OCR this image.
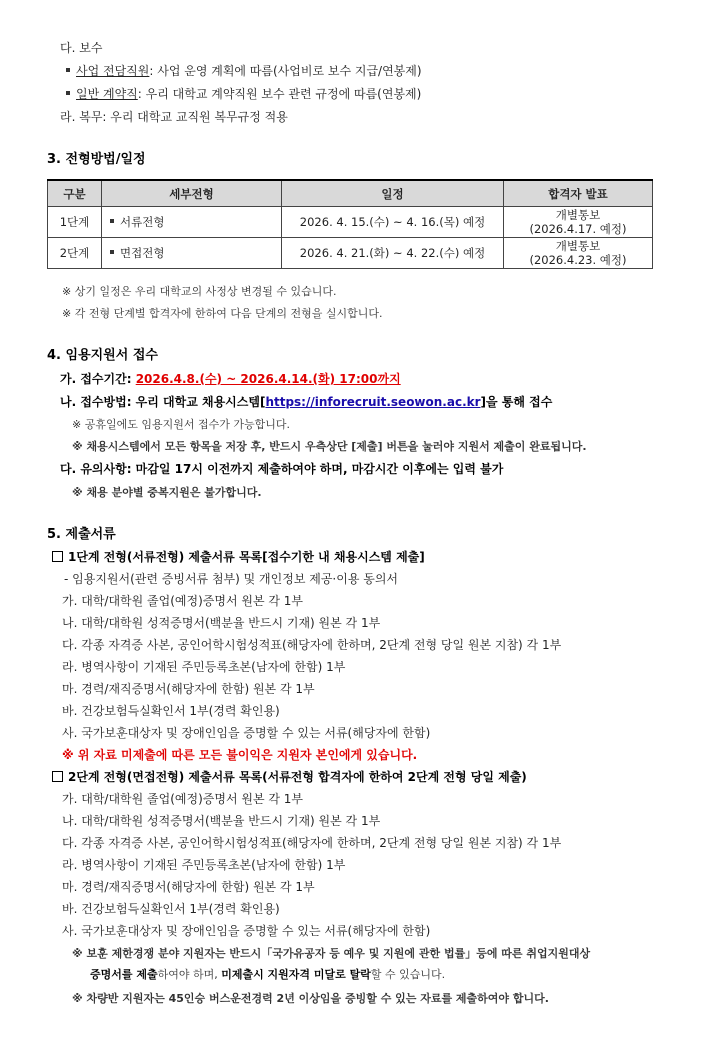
다. 보수
사업 전담직원: 사업 운영 계획에 따름(사업비로 보수 지급/연봉제)
일반 계약직: 우리 대학교 계약직원 보수 관련 규정에 따름(연봉제)
라. 복무: 우리 대학교 교직원 복무규정 적용
3. 전형방법/일정
구분	세부전형	일정	합격자 발표
1단계	서류전형	2026. 4. 15.(수) ~ 4. 16.(목) 예정	개별통보
(2026.4.17. 예정)

2단계	면접전형	2026. 4. 21.(화) ~ 4. 22.(수) 예정	개별통보
(2026.4.23. 예정)
※ 상기 일정은 우리 대학교의 사정상 변경될 수 있습니다.
※ 각 전형 단계별 합격자에 한하여 다음 단계의 전형을 실시합니다.
4. 임용지원서 접수
가. 접수기간: 2026.4.8.(수) ~ 2026.4.14.(화) 17:00까지
나. 접수방법: 우리 대학교 채용시스템[https://inforecruit.seowon.ac.kr]을 통해 접수
※ 공휴일에도 임용지원서 접수가 가능합니다.
※ 채용시스템에서 모든 항목을 저장 후, 반드시 우측상단 [제출] 버튼을 눌러야 지원서 제출이 완료됩니다.
다. 유의사항: 마감일 17시 이전까지 제출하여야 하며, 마감시간 이후에는 입력 불가
※ 채용 분야별 중복지원은 불가합니다.
5. 제출서류
1단계 전형(서류전형) 제출서류 목록[접수기한 내 채용시스템 제출]
- 임용지원서(관련 증빙서류 첨부) 및 개인정보 제공·이용 동의서
가. 대학/대학원 졸업(예정)증명서 원본 각 1부
나. 대학/대학원 성적증명서(백분율 반드시 기재) 원본 각 1부
다. 각종 자격증 사본, 공인어학시험성적표(해당자에 한하며, 2단계 전형 당일 원본 지참) 각 1부
라. 병역사항이 기재된 주민등록초본(남자에 한함) 1부
마. 경력/재직증명서(해당자에 한함) 원본 각 1부
바. 건강보험득실확인서 1부(경력 확인용)
사. 국가보훈대상자 및 장애인임을 증명할 수 있는 서류(해당자에 한함)
※ 위 자료 미제출에 따른 모든 불이익은 지원자 본인에게 있습니다.
2단계 전형(면접전형) 제출서류 목록(서류전형 합격자에 한하여 2단계 전형 당일 제출)
가. 대학/대학원 졸업(예정)증명서 원본 각 1부
나. 대학/대학원 성적증명서(백분율 반드시 기재) 원본 각 1부
다. 각종 자격증 사본, 공인어학시험성적표(해당자에 한하며, 2단계 전형 당일 원본 지참) 각 1부
라. 병역사항이 기재된 주민등록초본(남자에 한함) 1부
마. 경력/재직증명서(해당자에 한함) 원본 각 1부
바. 건강보험득실확인서 1부(경력 확인용)
사. 국가보훈대상자 및 장애인임을 증명할 수 있는 서류(해당자에 한함)
※ 보훈 제한경쟁 분야 지원자는 반드시「국가유공자 등 예우 및 지원에 관한 법률」등에 따른 취업지원대상
증명서를 제출하여야 하며, 미제출시 지원자격 미달로 탈락할 수 있습니다.
※ 차량반 지원자는 45인승 버스운전경력 2년 이상임을 증빙할 수 있는 자료를 제출하여야 합니다.
